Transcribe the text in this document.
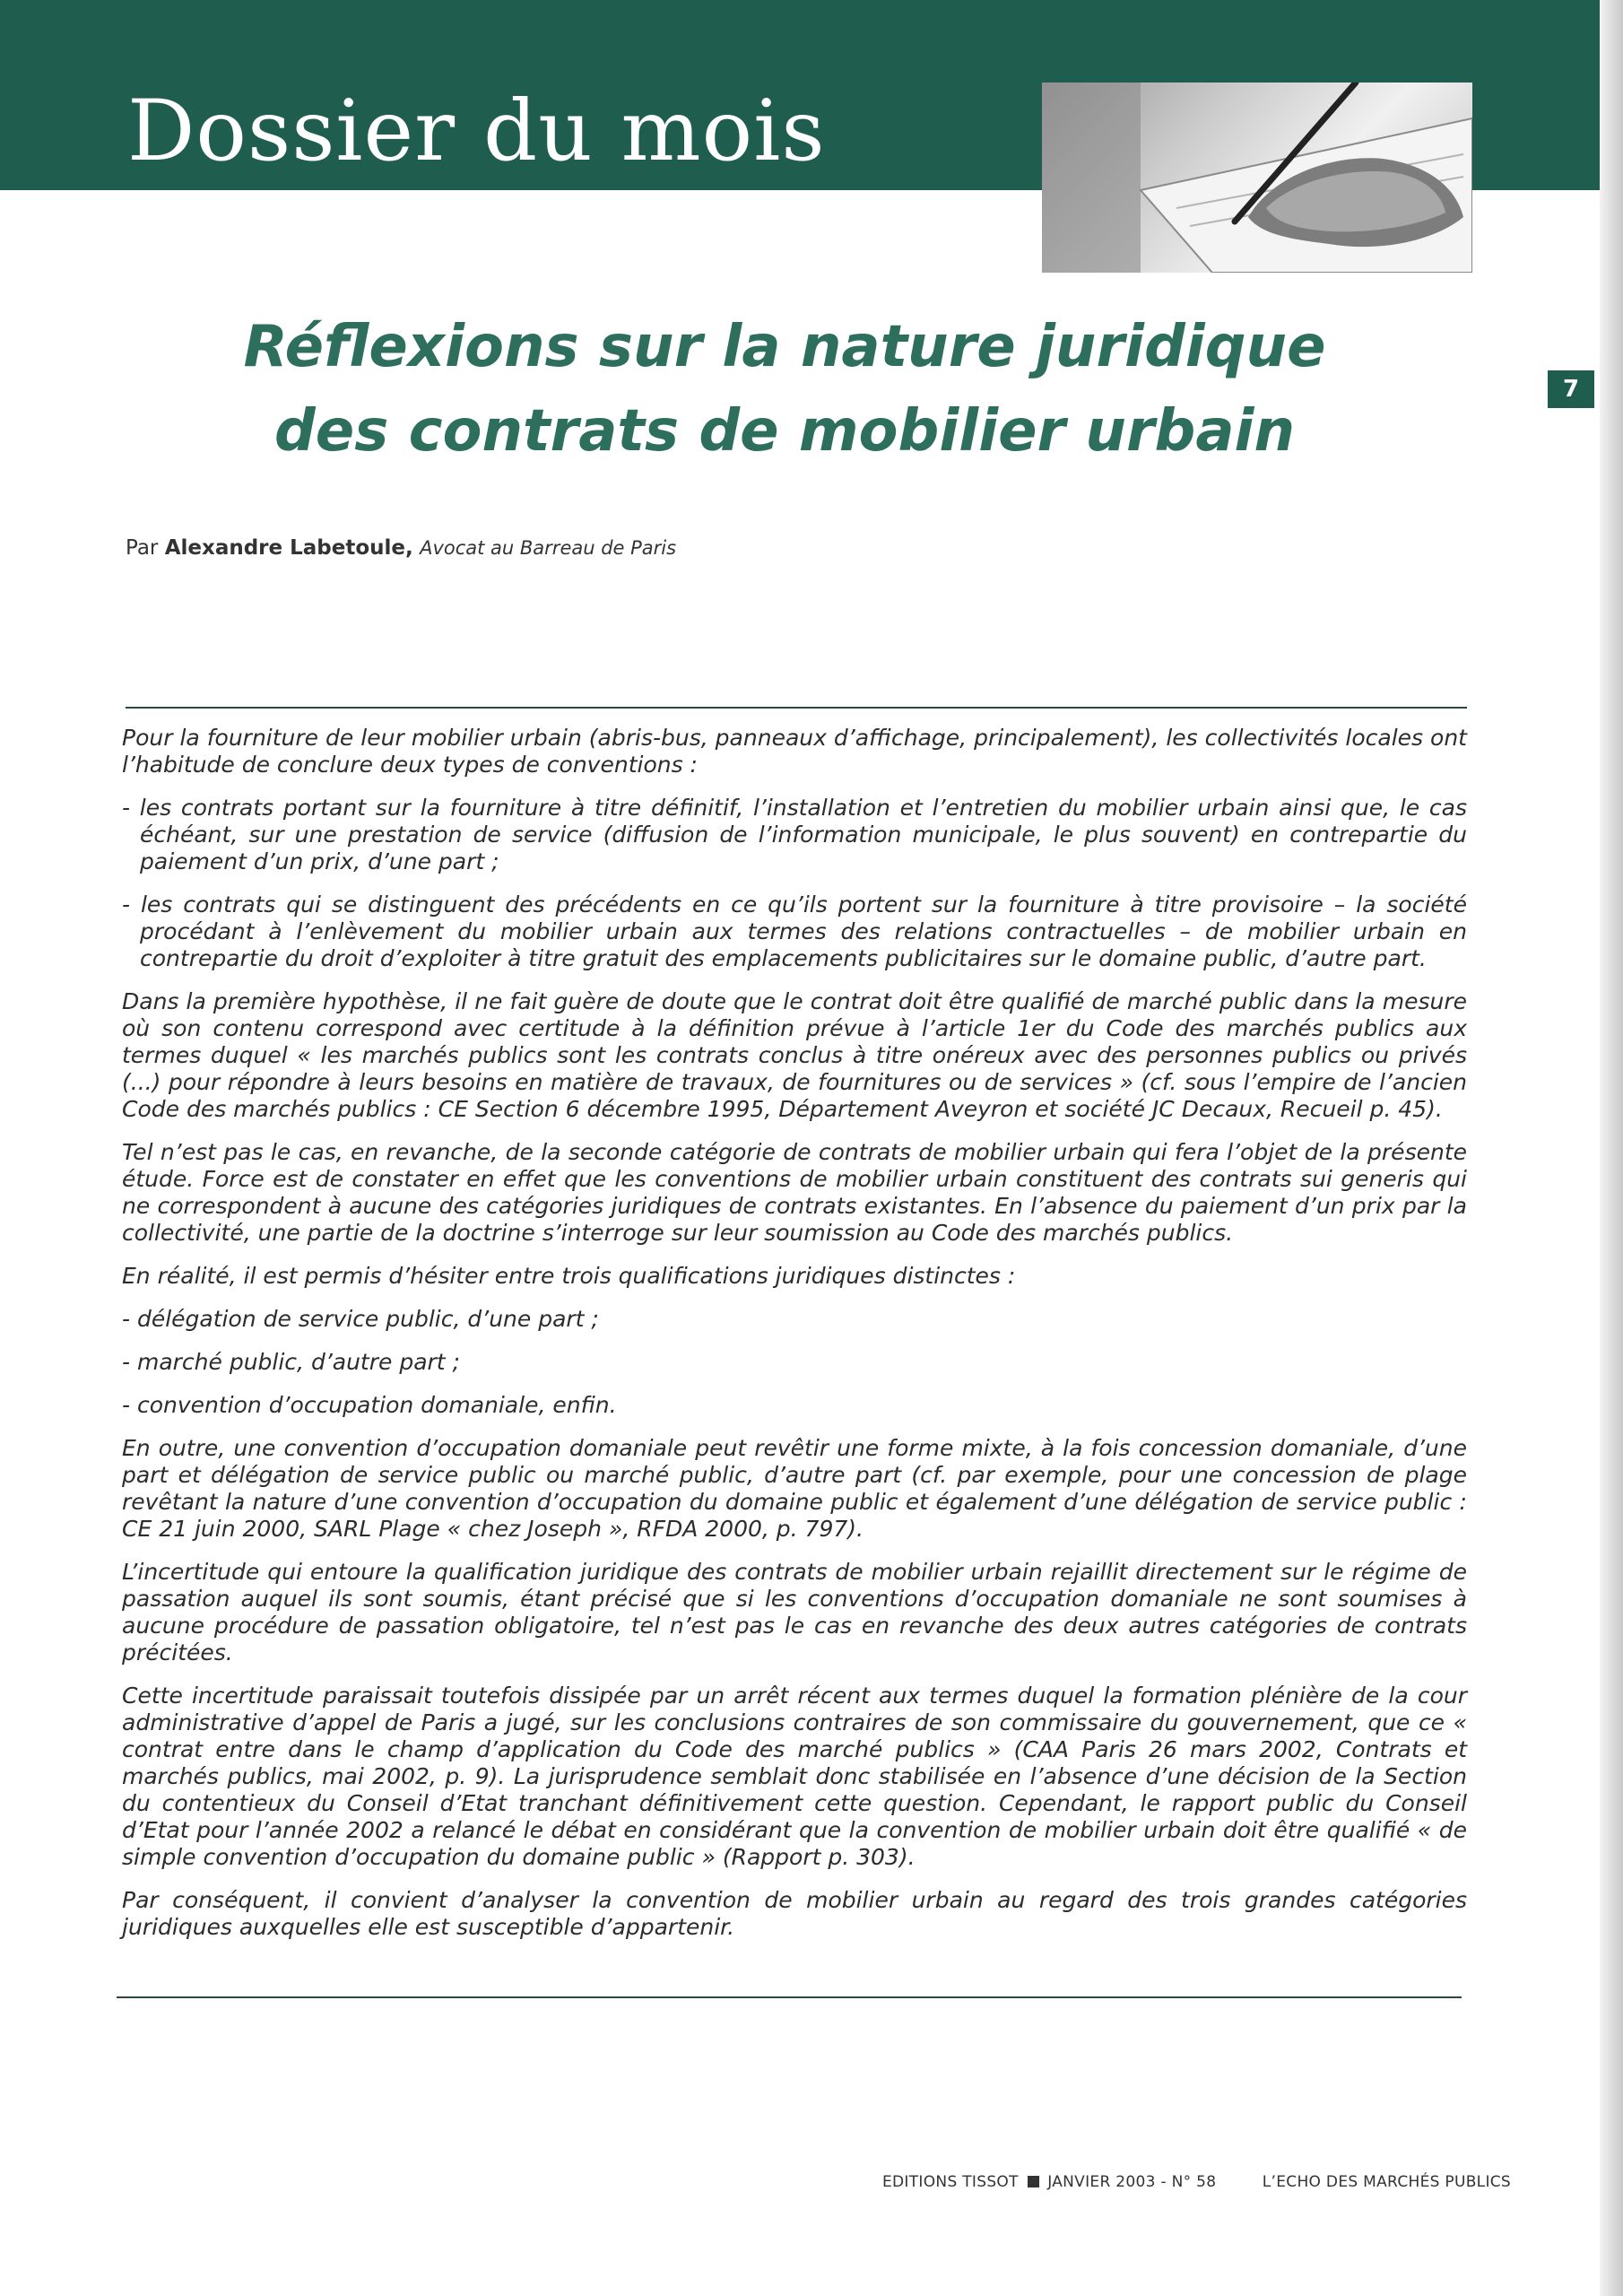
Dossier du mois
7
Réflexions sur la nature juridique
des contrats de mobilier urbain
Par Alexandre Labetoule, Avocat au Barreau de Paris

Pour la fourniture de leur mobilier urbain (abris-bus, panneaux d’affichage, principalement), les collectivités locales ont l’habitude de conclure deux types de conventions :

- les contrats portant sur la fourniture à titre définitif, l’installation et l’entretien du mobilier urbain ainsi que, le cas échéant, sur une prestation de service (diffusion de l’information municipale, le plus souvent) en contrepartie du paiement d’un prix, d’une part ;

- les contrats qui se distinguent des précédents en ce qu’ils portent sur la fourniture à titre provisoire – la société procédant à l’enlèvement du mobilier urbain aux termes des relations contractuelles – de mobilier urbain en contrepartie du droit d’exploiter à titre gratuit des emplacements publicitaires sur le domaine public, d’autre part.

Dans la première hypothèse, il ne fait guère de doute que le contrat doit être qualifié de marché public dans la mesure où son contenu correspond avec certitude à la définition prévue à l’article 1er du Code des marchés publics aux termes duquel « les marchés publics sont les contrats conclus à titre onéreux avec des personnes publics ou privés (...) pour répondre à leurs besoins en matière de travaux, de fournitures ou de services » (cf. sous l’empire de l’ancien Code des marchés publics : CE Section 6 décembre 1995, Département Aveyron et société JC Decaux, Recueil p. 45).

Tel n’est pas le cas, en revanche, de la seconde catégorie de contrats de mobilier urbain qui fera l’objet de la présente étude. Force est de constater en effet que les conventions de mobilier urbain constituent des contrats sui generis qui ne correspondent à aucune des catégories juridiques de contrats existantes. En l’absence du paiement d’un prix par la collectivité, une partie de la doctrine s’interroge sur leur soumission au Code des marchés publics.

En réalité, il est permis d’hésiter entre trois qualifications juridiques distinctes :

- délégation de service public, d’une part ;

- marché public, d’autre part ;

- convention d’occupation domaniale, enfin.

En outre, une convention d’occupation domaniale peut revêtir une forme mixte, à la fois concession domaniale, d’une part et délégation de service public ou marché public, d’autre part (cf. par exemple, pour une concession de plage revêtant la nature d’une convention d’occupation du domaine public et également d’une délégation de service public : CE 21 juin 2000, SARL Plage « chez Joseph », RFDA 2000, p. 797).

L’incertitude qui entoure la qualification juridique des contrats de mobilier urbain rejaillit directement sur le régime de passation auquel ils sont soumis, étant précisé que si les conventions d’occupation domaniale ne sont soumises à aucune procédure de passation obligatoire, tel n’est pas le cas en revanche des deux autres catégories de contrats précitées.

Cette incertitude paraissait toutefois dissipée par un arrêt récent aux termes duquel la formation plénière de la cour administrative d’appel de Paris a jugé, sur les conclusions contraires de son commissaire du gouvernement, que ce « contrat entre dans le champ d’application du Code des marché publics » (CAA Paris 26 mars 2002, Contrats et marchés publics, mai 2002, p. 9). La jurisprudence semblait donc stabilisée en l’absence d’une décision de la Section du contentieux du Conseil d’Etat tranchant définitivement cette question. Cependant, le rapport public du Conseil d’Etat pour l’année 2002 a relancé le débat en considérant que la convention de mobilier urbain doit être qualifié « de simple convention d’occupation du domaine public » (Rapport p. 303).

Par conséquent, il convient d’analyser la convention de mobilier urbain au regard des trois grandes catégories juridiques auxquelles elle est susceptible d’appartenir.

EDITIONS TISSOT JANVIER 2003 - N° 58	L’ECHO DES MARCHÉS PUBLICS
